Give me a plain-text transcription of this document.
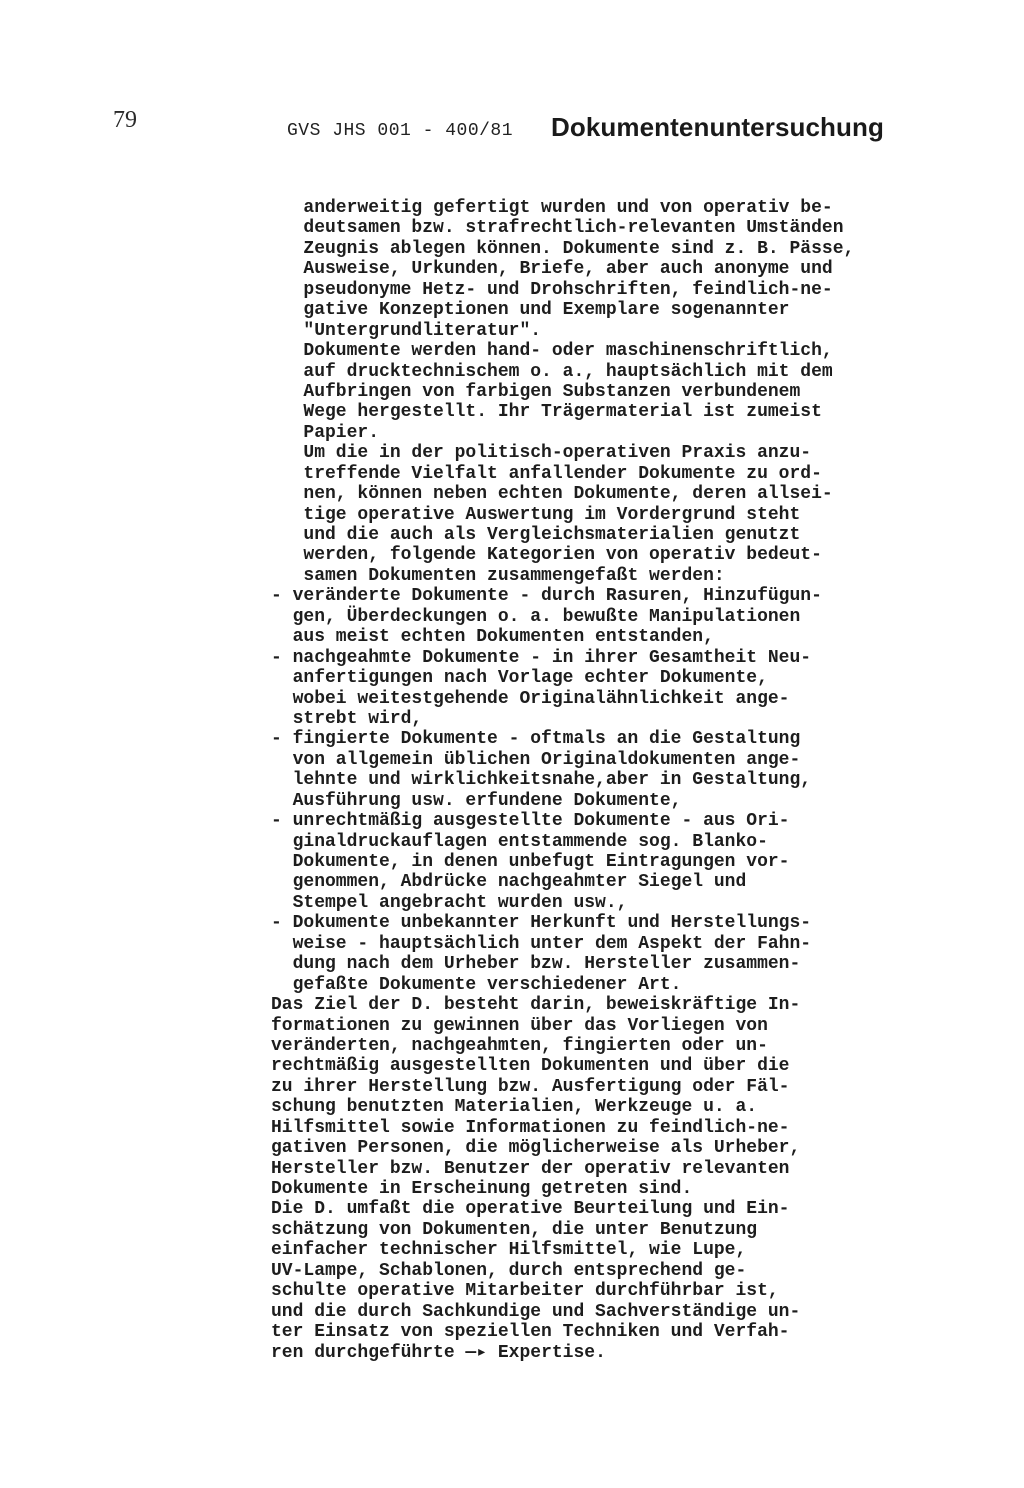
79	GVS JHS 001 - 400/81 Dokumentenuntersuchung
anderweitig gefertigt wurden und von operativ be-
deutsamen bzw. strafrechtlich-relevanten Umständen
Zeugnis ablegen können. Dokumente sind z. B. Pässe,
Ausweise, Urkunden, Briefe, aber auch anonyme und
pseudonyme Hetz- und Drohschriften, feindlich-ne-
gative Konzeptionen und Exemplare sogenannter
"Untergrundliteratur".
Dokumente werden hand- oder maschinenschriftlich,
auf drucktechnischem o. a., hauptsächlich mit dem
Aufbringen von farbigen Substanzen verbundenem
Wege hergestellt. Ihr Trägermaterial ist zumeist
Papier.
Um die in der politisch-operativen Praxis anzu-
treffende Vielfalt anfallender Dokumente zu ord-
nen, können neben echten Dokumente, deren allsei-
tige operative Auswertung im Vordergrund steht
und die auch als Vergleichsmaterialien genutzt
werden, folgende Kategorien von operativ bedeut-
samen Dokumenten zusammengefaßt werden:
- veränderte Dokumente - durch Rasuren, Hinzufügun-
gen, Überdeckungen o. a. bewußte Manipulationen
aus meist echten Dokumenten entstanden,
- nachgeahmte Dokumente - in ihrer Gesamtheit Neu-
anfertigungen nach Vorlage echter Dokumente,
wobei weitestgehende Originalähnlichkeit ange-
strebt wird,
- fingierte Dokumente - oftmals an die Gestaltung
von allgemein üblichen Originaldokumenten ange-
lehnte und wirklichkeitsnahe,aber in Gestaltung,
Ausführung usw. erfundene Dokumente,
- unrechtmäßig ausgestellte Dokumente - aus Ori-
ginaldruckauflagen entstammende sog. Blanko-
Dokumente, in denen unbefugt Eintragungen vor-
genommen, Abdrücke nachgeahmter Siegel und
Stempel angebracht wurden usw.,
- Dokumente unbekannter Herkunft und Herstellungs-
weise - hauptsächlich unter dem Aspekt der Fahn-
dung nach dem Urheber bzw. Hersteller zusammen-
gefaßte Dokumente verschiedener Art.
Das Ziel der D. besteht darin, beweiskräftige In-
formationen zu gewinnen über das Vorliegen von
veränderten, nachgeahmten, fingierten oder un-
rechtmäßig ausgestellten Dokumenten und über die
zu ihrer Herstellung bzw. Ausfertigung oder Fäl-
schung benutzten Materialien, Werkzeuge u. a.
Hilfsmittel sowie Informationen zu feindlich-ne-
gativen Personen, die möglicherweise als Urheber,
Hersteller bzw. Benutzer der operativ relevanten
Dokumente in Erscheinung getreten sind.
Die D. umfaßt die operative Beurteilung und Ein-
schätzung von Dokumenten, die unter Benutzung
einfacher technischer Hilfsmittel, wie Lupe,
UV-Lampe, Schablonen, durch entsprechend ge-
schulte operative Mitarbeiter durchführbar ist,
und die durch Sachkundige und Sachverständige un-
ter Einsatz von speziellen Techniken und Verfah-
ren durchgeführte —▸ Expertise.
